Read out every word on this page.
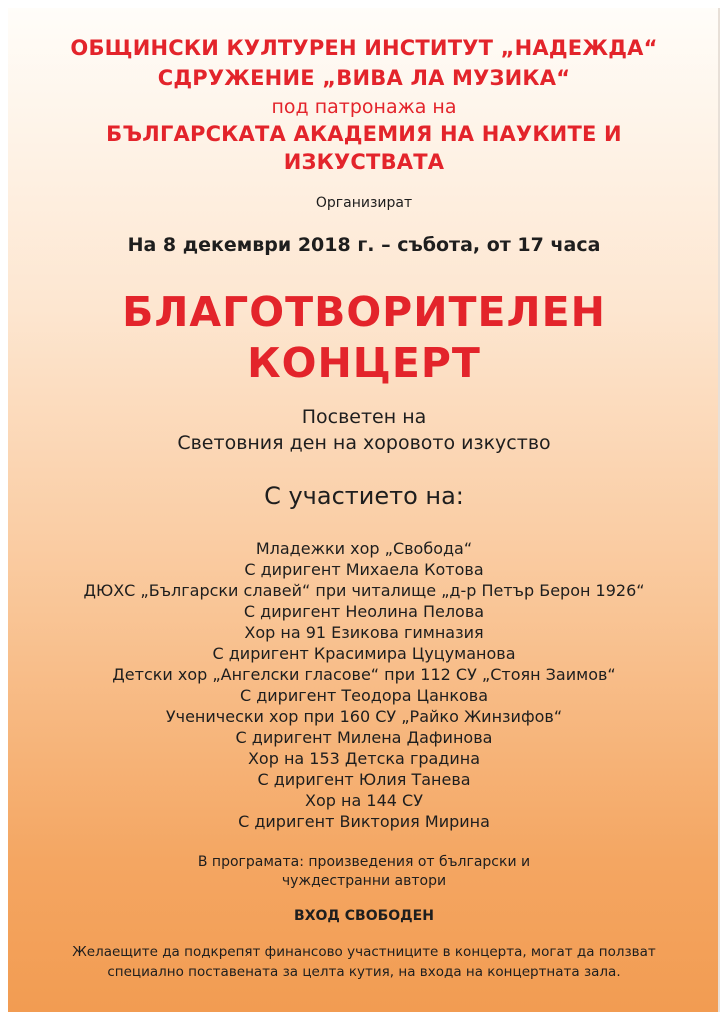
ОБЩИНСКИ КУЛТУРЕН ИНСТИТУТ „НАДЕЖДА“
СДРУЖЕНИЕ „ВИВА ЛА МУЗИКА“
под патронажа на
БЪЛГАРСКАТА АКАДЕМИЯ НА НАУКИТЕ И
ИЗКУСТВАТА
Организират
На 8 декември 2018 г. – събота, от 17 часа
БЛАГОТВОРИТЕЛЕН
КОНЦЕРТ
Посветен на
Световния ден на хоровото изкуство
С участието на:
Младежки хор „Свобода“
С диригент Михаела Котова
ДЮХС „Български славей“ при читалище „д-р Петър Берон 1926“
С диригент Неолина Пелова
Хор на 91 Езикова гимназия
С диригент Красимира Цуцуманова
Детски хор „Ангелски гласове“ при 112 СУ „Стоян Заимов“
С диригент Теодора Цанкова
Ученически хор при 160 СУ „Райко Жинзифов“
С диригент Милена Дафинова
Хор на 153 Детска градина
С диригент Юлия Танева
Хор на 144 СУ
С диригент Виктория Мирина
В програмата: произведения от български и
чуждестранни автори
ВХОД СВОБОДЕН
Желаещите да подкрепят финансово участниците в концерта, могат да ползват
специално поставената за целта кутия, на входа на концертната зала.
